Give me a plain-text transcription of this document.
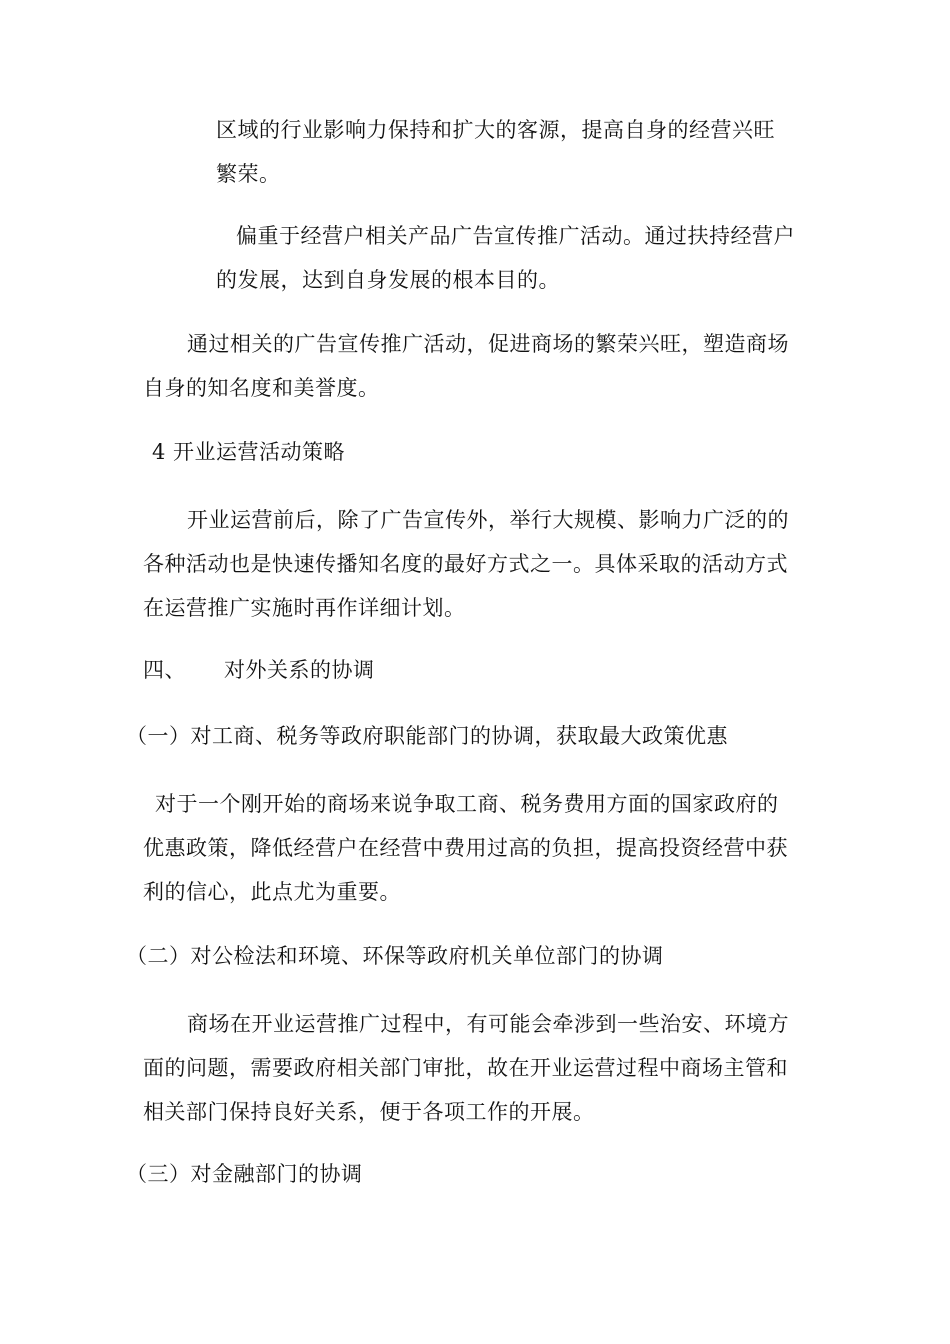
区域的行业影响力保持和扩大的客源，提高自身的经营兴旺
繁荣。
偏重于经营户相关产品广告宣传推广活动。通过扶持经营户
的发展，达到自身发展的根本目的。
通过相关的广告宣传推广活动，促进商场的繁荣兴旺，塑造商场
自身的知名度和美誉度。
4 开业运营活动策略
开业运营前后，除了广告宣传外，举行大规模、影响力广泛的的
各种活动也是快速传播知名度的最好方式之一。具体采取的活动方式
在运营推广实施时再作详细计划。
四、 对外关系的协调
（一）对工商、税务等政府职能部门的协调，获取最大政策优惠
对于一个刚开始的商场来说争取工商、税务费用方面的国家政府的
优惠政策，降低经营户在经营中费用过高的负担，提高投资经营中获
利的信心，此点尤为重要。
（二）对公检法和环境、环保等政府机关单位部门的协调
商场在开业运营推广过程中，有可能会牵涉到一些治安、环境方
面的问题，需要政府相关部门审批，故在开业运营过程中商场主管和
相关部门保持良好关系，便于各项工作的开展。
（三）对金融部门的协调
